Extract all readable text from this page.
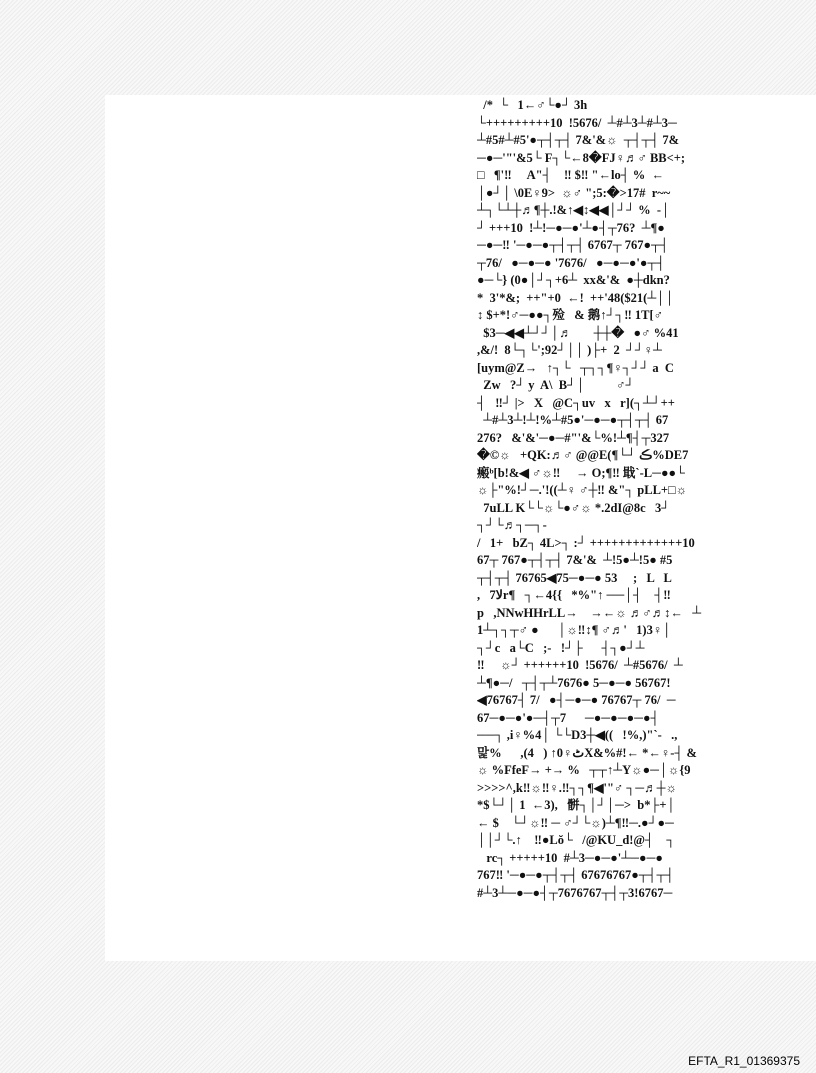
/*  └   1←♂└●┘ 3h
└+++++++++10  !5676/  ┴#┴3┴#┴3─
┴#5#┴#5'●┬┤┬┤ 7&'&☼  ┬┤┬┤ 7&
─●─'"'&5└ F┐└←8�FJ♀♬♂ BB<+;
□   ¶'‼     A"┤    ‼ $‼ "←lo┤ %  ←
│●┘│ \0E♀9>  ☼♂ ";5:�>17#  r~~
┴┐└┴┼♬¶┼.!&↑◀↕◀◀│┘┘ %  -│
┘ +++10  !┴!─●─●'┴●┤┬76?  ┴¶●
─●─‼ '─●─●┬┤┬┤ 6767┬ 767●┬┤
┬76/   ●─●─● '7676/   ●─●─●'●┬┤
●─└} (0●│┘┐+6┴  xx&'&  ●┼dkn?
*  3'*&;  ++"+0  ←!  ++'48($21(┴││
↕ $+*!♂─●●┐殓   & 鹅↑┘┐‼ 1T[♂
$3─◀◀┴┘┘│♬       ┼┼�   ●♂ %41
,&/!  8└┐└';92┘││ )├+  2  ┘┘♀┴
[uym@Z→   ↑┐└   ┬┐┐¶♀┐┘┘ a  C
Zw   ?┘ y  A\  B┘│          ♂┘
┤   ‼┘ |>   X   @C┐uv   x   r](┐┴┘++
┴#┴3┴!┴!%┴#5●'─●─●┬┤┬┤ 67
276?   &'&'─●─#"'&└%!┴¶┤┬327
�©☼   +QK:♬♂ @@E(¶└┘ ڪ%DE7
瘢ᵇ[b!&◀ ♂☼‼     → O;¶‼ 戢`-L─●●└
☼├"%!┘─.'!((┴♀ ♂┼‼ &"┐ pLL+□☼
7uLL K└└☼└●♂☼ *.2dI@8c   3┘
┐┘└♬┐─┐-
/   1+   bZ┐ 4L>┐ :┘ +++++++++++++10
67┬ 767●┬┤┬┤ 7&'&  ┴!5●┴!5● #5
┬┤┬┤ 76765◀75─●─● 53     ;   L   L
,   7ﻻr¶   ┐←4{{   *%"↑ ──│┤    ┤‼
p   ,NNwHHrLL→    →←☼ ♬♂♬↕←   ┴
1┴┐┐┬♂ ●      │☼‼↕¶ ♂♬'   1)3♀│
┐┘c   a└C   ;-   !┘├      ┤┐●┘┴
‼     ☼┘ ++++++10  !5676/  ┴#5676/  ┴
┴¶●─/   ┬┤┬┴7676● 5─●─● 56767!
◀76767┤ 7/   ●┤─●─● 76767┬ 76/  ─
67─●─●'●─┤┬7      ─●─●─●─●┤
──┐ ,i♀%4│ └└D3┼◀((   !%,)"`-   .,
맕%      ,ٹ♀0↑ (   4)X&%#!← *←♀-┤ &
☼ %FfeF→ +→ %   ┬┬↑┴Y☼●─│☼{9
>>>>^,k‼☼‼♀.‼┐┐¶◀'"♂ ┐─♬┼☼
*$└┘│ 1  ←3),   骿┐│┘│─>  b*├+│
← $    └┘☼‼ ─ ♂┘└☼)┴¶‼─.●┘●─
││┘└.↑    ‼●Lŏ└   /@KU_d!@┤    ┐
rc┐ +++++10  #┴3─●─●'┴─●─●
767‼ '─●─●┬┤┬┤ 67676767●┬┤┬┤
#┴3┴─●─●┤┬7676767┬┤┬3!6767─
EFTA_R1_01369375
